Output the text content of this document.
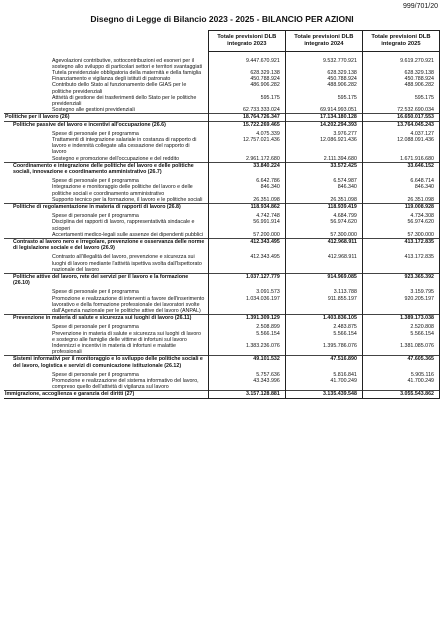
999/701/20
Disegno di Legge di Bilancio 2023 - 2025 - BILANCIO PER AZIONI
	Totale previsioni DLB integrato 2023	Totale previsioni DLB integrato 2024	Totale previsioni DLB integrato 2025
Agevolazioni contributive, sottocontribuzioni ed esoneri per il sostegno allo sviluppo di particolari settori e territori svantaggiati	9.447.670.921	9.532.770.921	9.619.270.921
Tutela previdenziale obbligatoria della maternità e della famiglia	628.329.138	628.329.138	628.329.138
Finanziamento e vigilanza degli istituti di patronato	450.788.924	450.788.924	450.788.924
Contributo dello Stato al funzionamento delle GIAS per le politiche previdenziali	486.906.282	488.906.282	488.906.282
Attività di gestione dei trasferimenti dello Stato per le politiche previdenziali	595.175	595.175	595.175
Sostegno alle gestioni previdenziali	62.733.333.024	69.914.993.051	72.532.690.034
Politiche per il lavoro (26)	18.764.726.347	17.134.180.128	16.650.017.553
Politiche passive del lavoro e incentivi all'occupazione (26.6)	15.722.269.465	14.202.294.393	13.764.045.243
Spese di personale per il programma	4.075.339	3.976.277	4.037.127
Trattamenti di integrazione salariale in costanza di rapporto di lavoro e indennità collegate alla cessazione del rapporto di lavoro	12.757.021.436	12.086.921.436	12.088.091.436
Sostegno e promozione dell'occupazione e del reddito	2.961.172.680	2.111.394.680	1.671.916.680
Coordinamento e integrazione delle politiche del lavoro e delle politiche sociali, innovazione e coordinamento amministrativo (26.7)	33.840.224	33.572.425	33.646.152
Spese di personale per il programma	6.642.786	6.574.987	6.648.714
Integrazione e monitoraggio delle politiche del lavoro e delle politiche sociali e coordinamento amministrativo	846.340	846.340	846.340
Supporto tecnico per la formazione, il lavoro e le politiche sociali	26.351.098	26.351.098	26.351.098
Politiche di regolamentazione in materia di rapporti di lavoro (26.8)	118.934.862	118.939.419	119.008.928
Spese di personale per il programma	4.742.748	4.684.799	4.734.308
Disciplina dei rapporti di lavoro, rappresentatività sindacale e scioperi	56.991.914	56.974.620	56.974.620
Accertamenti medico-legali sulle assenze dei dipendenti pubblici	57.200.000	57.300.000	57.300.000
Contrasto al lavoro nero e irregolare, prevenzione e osservanza delle norme di legislazione sociale e del lavoro (26.9)	412.343.495	412.968.911	413.172.835
Contrasto all'illegalità del lavoro, prevenzione e sicurezza sui luoghi di lavoro mediante l'attività ispettiva svolta dall'Ispettorato nazionale del lavoro	412.343.495	412.968.911	413.172.835
Politiche attive del lavoro, rete dei servizi per il lavoro e la formazione (26.10)	1.037.127.779	914.969.085	923.365.392
Spese di personale per il programma	3.091.573	3.113.788	3.159.795
Promozione e realizzazione di interventi a favore dell'inserimento lavorativo e della formazione professionale dei lavoratori svolte dall'Agenzia nazionale per le politiche attive del lavoro (ANPAL)	1.034.036.197	911.855.197	920.205.197
Prevenzione in materia di salute e sicurezza sui luoghi di lavoro (26.11)	1.391.309.129	1.403.836.105	1.389.173.038
Spese di personale per il programma	2.508.899	2.483.875	2.520.808
Prevenzione in materia di salute e sicurezza sui luoghi di lavoro e sostegno alle famiglie delle vittime di infortuni sul lavoro	5.566.154	5.566.154	5.566.154
Indennizzi e incentivi in materia di infortuni e malattie professionali	1.383.236.076	1.395.786.076	1.381.085.076
Sistemi informativi per il monitoraggio e lo sviluppo delle politiche sociali e del lavoro, logistica e servizi di comunicazione istituzionale (26.12)	49.101.532	47.516.890	47.605.365
Spese di personale per il programma	5.757.636	5.816.841	5.905.116
Promozione e realizzazione del sistema informativo del lavoro, compreso quello dell'attività di vigilanza sul lavoro	43.343.996	41.700.249	41.700.249
Immigrazione, accoglienza e garanzia dei diritti (27)	3.157.128.881	3.135.439.548	3.055.543.862
